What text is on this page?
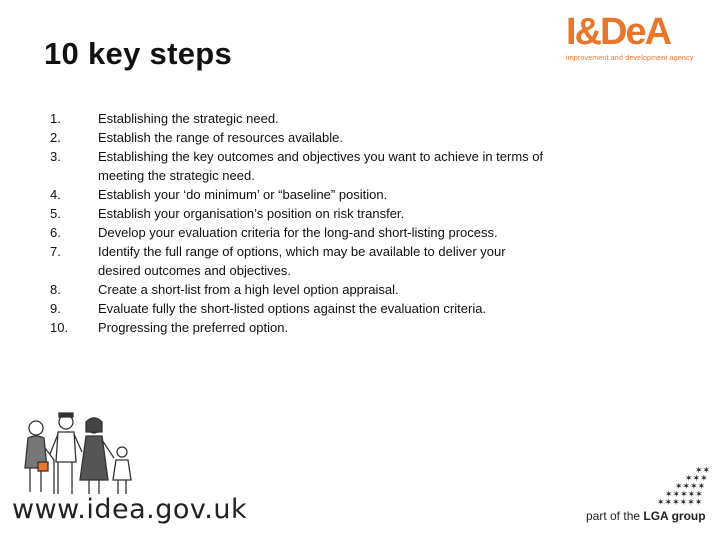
10 key steps
I&DeA
improvement and development agency
1.	Establishing the strategic need.
2.	Establish the range of resources available.
3.	Establishing the key outcomes and objectives you want to achieve in terms of meeting the strategic need.
4.	Establish your ‘do minimum’ or “baseline” position.
5.	Establish your organisation’s position on risk transfer.
6.	Develop your evaluation criteria for the long-and short-listing process.
7.	Identify the full range of options, which may be available to deliver your desired outcomes and objectives.
8.	Create a short-list from a high level option appraisal.
9.	Evaluate fully the short-listed options against the evaluation criteria.
10.	Progressing the preferred option.
www.idea.gov.uk
✶✶
✶✶✶
✶✶✶✶
✶✶✶✶✶
✶✶✶✶✶✶
part of the LGA group
